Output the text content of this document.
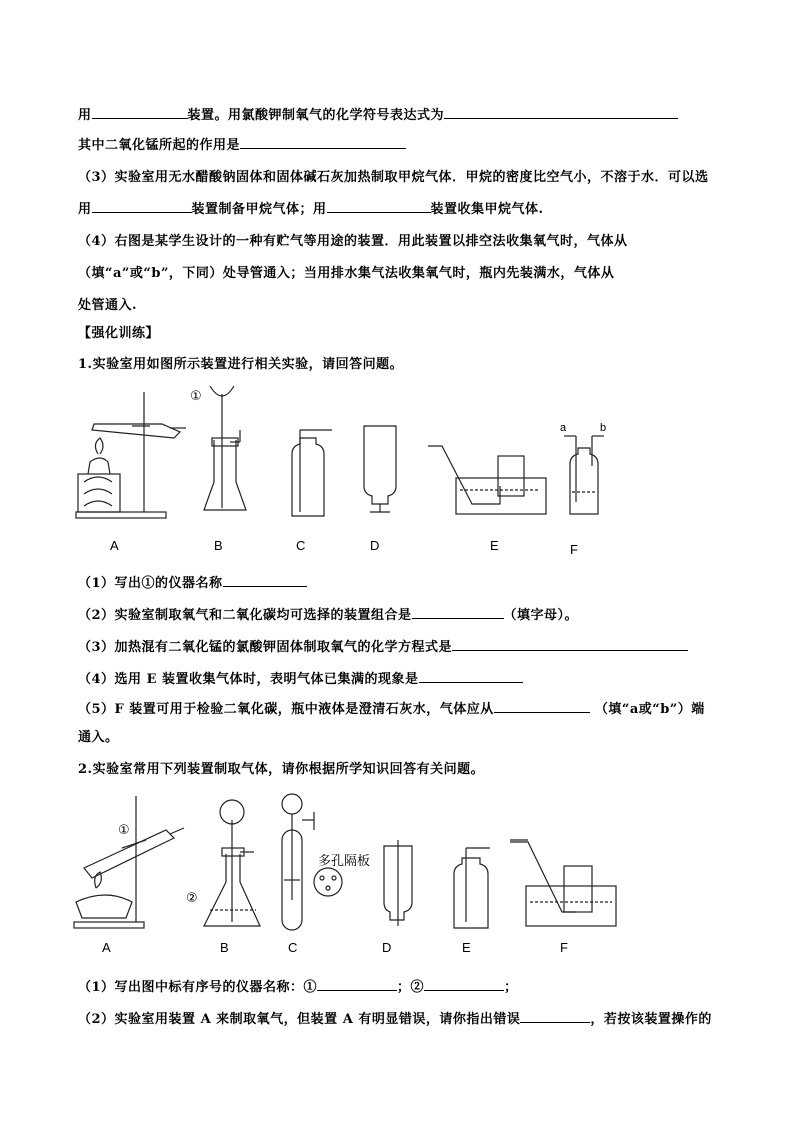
用	装置。用氯酸钾制氧气的化学符号表达式为
其中二氧化锰所起的作用是
（3）实验室用无水醋酸钠固体和固体碱石灰加热制取甲烷气体．甲烷的密度比空气小，不溶于水．可以选
用	装置制备甲烷气体；用	装置收集甲烷气体.
（4）右图是某学生设计的一种有贮气等用途的装置．用此装置以排空法收集氧气时，气体从
（填“a”或“b”，下同）处导管通入；当用排水集气法收集氧气时，瓶内先装满水，气体从
处管通入.
【强化训练】
1.实验室用如图所示装置进行相关实验，请回答问题。
①
a	b
A	B	C	D	E	F
（1）写出①的仪器名称
（2）实验室制取氧气和二氧化碳均可选择的装置组合是	（填字母）。
（3）加热混有二氧化锰的氯酸钾固体制取氧气的化学方程式是
（4）选用 E 装置收集气体时，表明气体已集满的现象是
（5）F 装置可用于检验二氧化碳，瓶中液体是澄清石灰水，气体应从	（填“a或“b”）端
通入。
2.实验室常用下列装置制取气体，请你根据所学知识回答有关问题。
①
②
多孔隔板
A	B	C	D	E	F
（1）写出图中标有序号的仪器名称：①	；②	；
（2）实验室用装置 A 来制取氧气，但装置 A 有明显错误，请你指出错误	，若按该装置操作的
